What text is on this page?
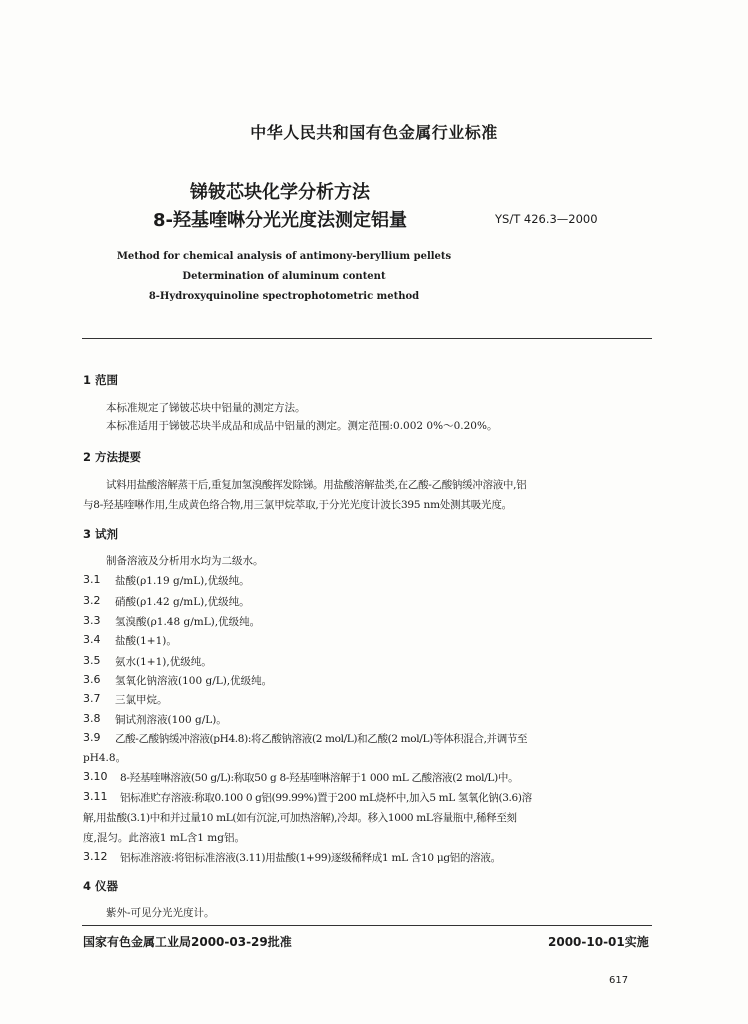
中华人民共和国有色金属行业标准
锑铍芯块化学分析方法
8-羟基喹啉分光光度法测定铝量	YS/T 426.3—2000
Method for chemical analysis of antimony-beryllium pellets
Determination of aluminum content
8-Hydroxyquinoline spectrophotometric method
1 范围
本标准规定了锑铍芯块中铝量的测定方法。
本标准适用于锑铍芯块半成品和成品中铝量的测定。测定范围:0.002 0%～0.20%。
2 方法提要
试料用盐酸溶解蒸干后,重复加氢溴酸挥发除锑。用盐酸溶解盐类,在乙酸-乙酸钠缓冲溶液中,铝
与8-羟基喹啉作用,生成黄色络合物,用三氯甲烷萃取,于分光光度计波长395 nm处测其吸光度。
3 试剂
制备溶液及分析用水均为二级水。
3.1 盐酸(ρ1.19 g/mL),优级纯。
3.2 硝酸(ρ1.42 g/mL),优级纯。
3.3 氢溴酸(ρ1.48 g/mL),优级纯。
3.4 盐酸(1+1)。
3.5 氨水(1+1),优级纯。
3.6 氢氧化钠溶液(100 g/L),优级纯。
3.7 三氯甲烷。
3.8 铜试剂溶液(100 g/L)。
3.9 乙酸-乙酸钠缓冲溶液(pH4.8):将乙酸钠溶液(2 mol/L)和乙酸(2 mol/L)等体积混合,并调节至
pH4.8。
3.10 8-羟基喹啉溶液(50 g/L):称取50 g 8-羟基喹啉溶解于1 000 mL 乙酸溶液(2 mol/L)中。
3.11 铝标准贮存溶液:称取0.100 0 g铝(99.99%)置于200 mL烧杯中,加入5 mL 氢氧化钠(3.6)溶
解,用盐酸(3.1)中和并过量10 mL(如有沉淀,可加热溶解),冷却。移入1000 mL容量瓶中,稀释至刻
度,混匀。此溶液1 mL含1 mg铝。
3.12 铝标准溶液:将铝标准溶液(3.11)用盐酸(1+99)逐级稀释成1 mL 含10 μg铝的溶液。
4 仪器
紫外-可见分光光度计。
国家有色金属工业局2000-03-29批准	2000-10-01实施
617
